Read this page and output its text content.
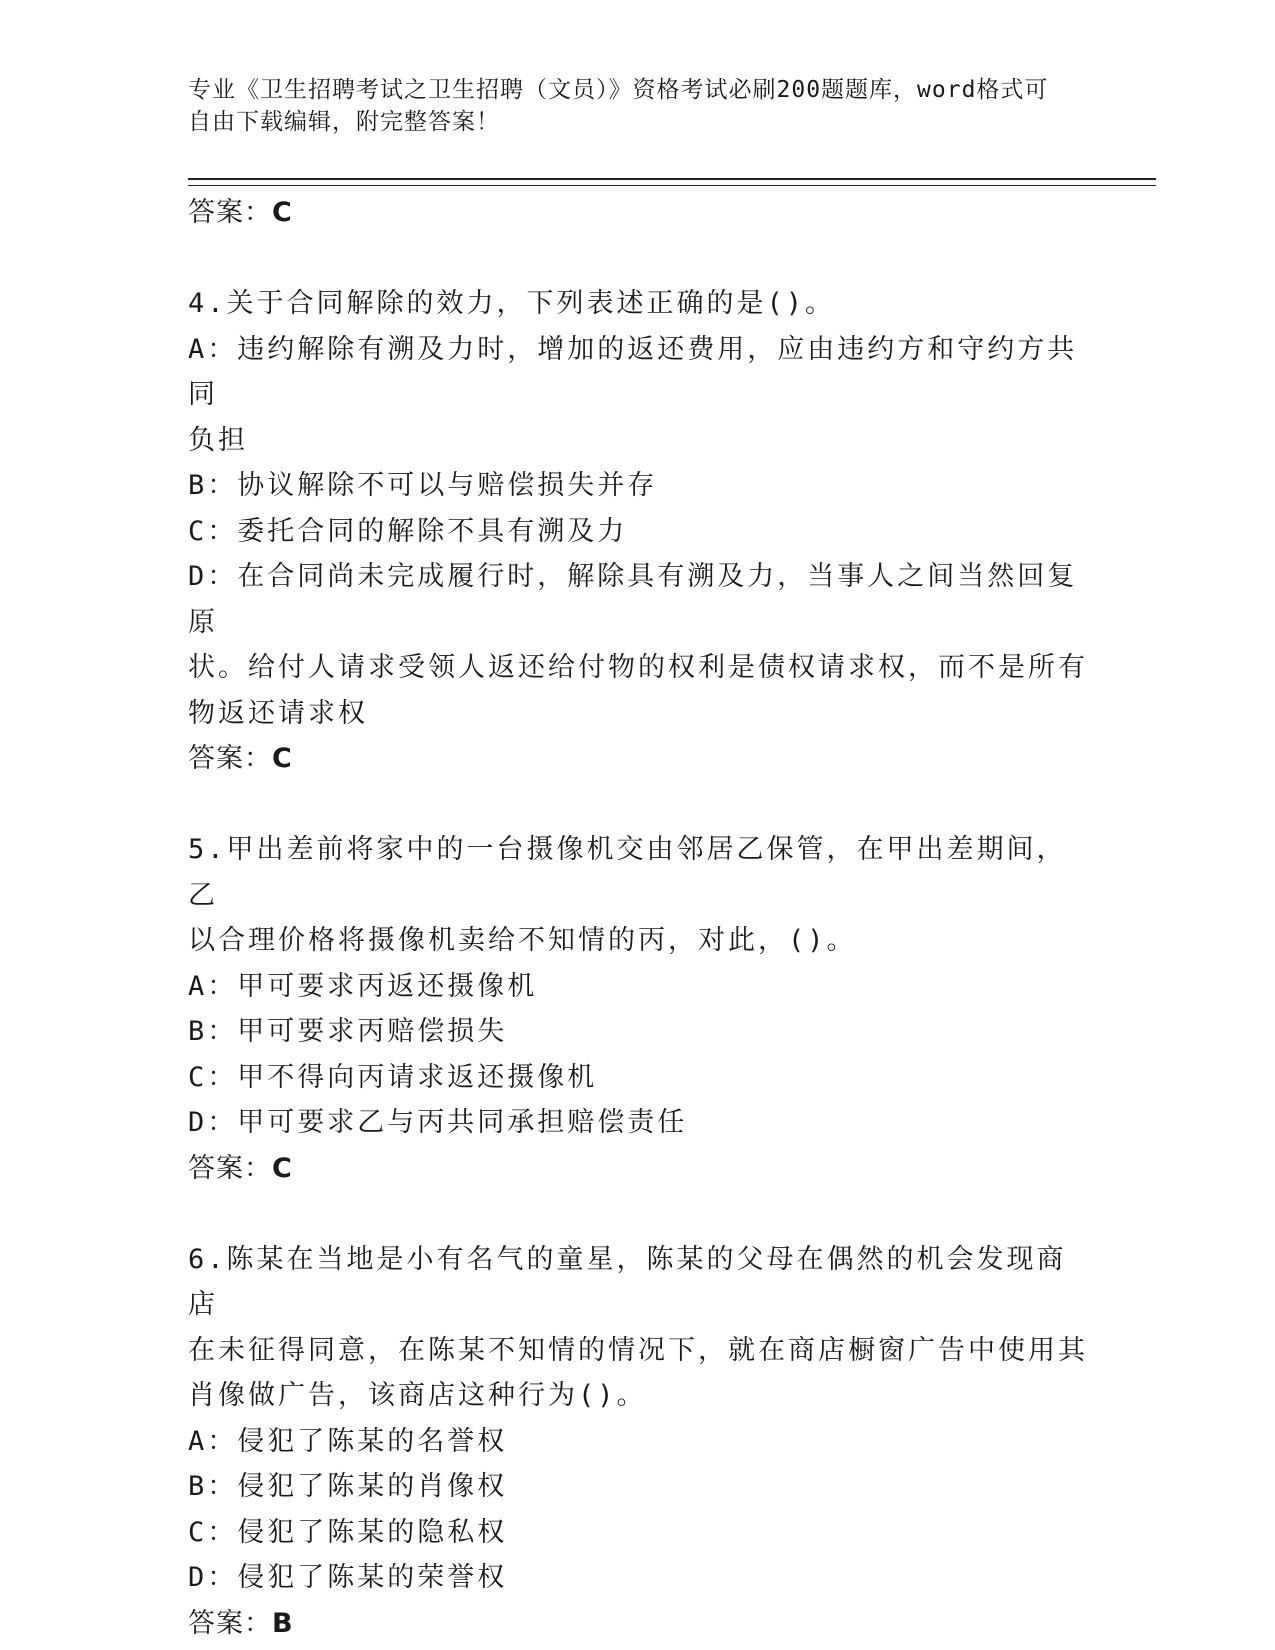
专业《卫生招聘考试之卫生招聘（文员）》资格考试必刷200题题库，word格式可自由下载编辑，附完整答案！
答案：C
4.关于合同解除的效力，下列表述正确的是()。
A：违约解除有溯及力时，增加的返还费用，应由违约方和守约方共同
负担
B：协议解除不可以与赔偿损失并存
C：委托合同的解除不具有溯及力
D：在合同尚未完成履行时，解除具有溯及力，当事人之间当然回复原
状。给付人请求受领人返还给付物的权利是债权请求权，而不是所有
物返还请求权
答案：C
5.甲出差前将家中的一台摄像机交由邻居乙保管，在甲出差期间，乙
以合理价格将摄像机卖给不知情的丙，对此，()。
A：甲可要求丙返还摄像机
B：甲可要求丙赔偿损失
C：甲不得向丙请求返还摄像机
D：甲可要求乙与丙共同承担赔偿责任
答案：C
6.陈某在当地是小有名气的童星，陈某的父母在偶然的机会发现商店
在未征得同意，在陈某不知情的情况下，就在商店橱窗广告中使用其
肖像做广告，该商店这种行为()。
A：侵犯了陈某的名誉权
B：侵犯了陈某的肖像权
C：侵犯了陈某的隐私权
D：侵犯了陈某的荣誉权
答案：B
